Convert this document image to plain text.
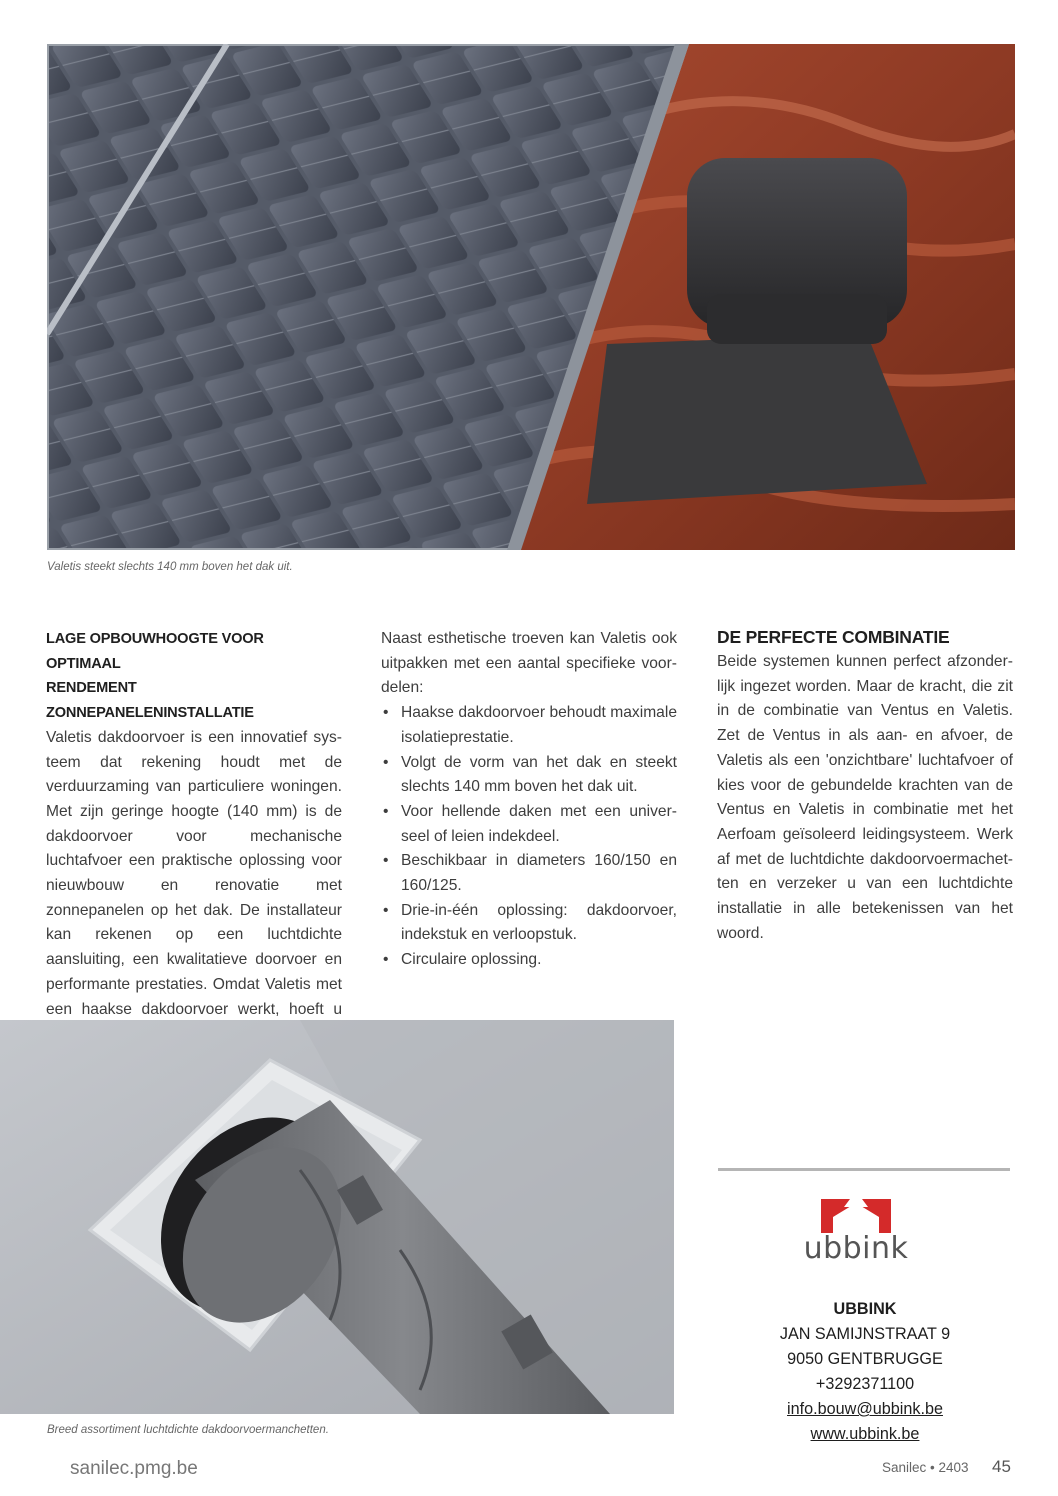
Valetis steekt slechts 140 mm boven het dak uit.
LAGE OPBOUWHOOGTE VOOR OPTIMAAL
RENDEMENT ZONNEPANELENINSTALLATIE

Valetis dakdoorvoer is een innovatief systeem dat rekening houdt met de verduurzaming van particuliere woningen. Met zijn geringe hoogte (140 mm) is de dakdoorvoer voor mechanische luchtafvoer een praktische oplossing voor nieuwbouw en renovatie met zonnepanelen op het dak. De installateur kan rekenen op een luchtdichte aansluiting, een kwalitatieve doorvoer en performante prestaties. Omdat Valetis met een haakse dakdoorvoer werkt, hoeft u

Naast esthetische troeven kan Valetis ook uitpakken met een aantal specifieke voordelen:

• Haakse dakdoorvoer behoudt maximale isolatieprestatie.
• Volgt de vorm van het dak en steekt slechts 140 mm boven het dak uit.
• Voor hellende daken met een universeel of leien indekdeel.
• Beschikbaar in diameters 160/150 en 160/125.
• Drie-in-één oplossing: dakdoorvoer, indekstuk en verloopstuk.
• Circulaire oplossing.
DE PERFECTE COMBINATIE

Beide systemen kunnen perfect afzonderlijk ingezet worden. Maar de kracht, die zit in de combinatie van Ventus en Valetis. Zet de Ventus in als aan- en afvoer, de Valetis als een 'onzichtbare' luchtafvoer of kies voor de gebundelde krachten van de Ventus en Valetis in combinatie met het Aerfoam geïsoleerd leidingsysteem. Werk af met de luchtdichte dakdoorvoermachetten en verzeker u van een luchtdichte installatie in alle betekenissen van het woord.

Breed assortiment luchtdichte dakdoorvoermanchetten.
ubbink
UBBINK
JAN SAMIJNSTRAAT 9
9050 GENTBRUGGE
+3292371100
info.bouw@ubbink.be
www.ubbink.be
sanilec.pmg.be	Sanilec • 2403 45
